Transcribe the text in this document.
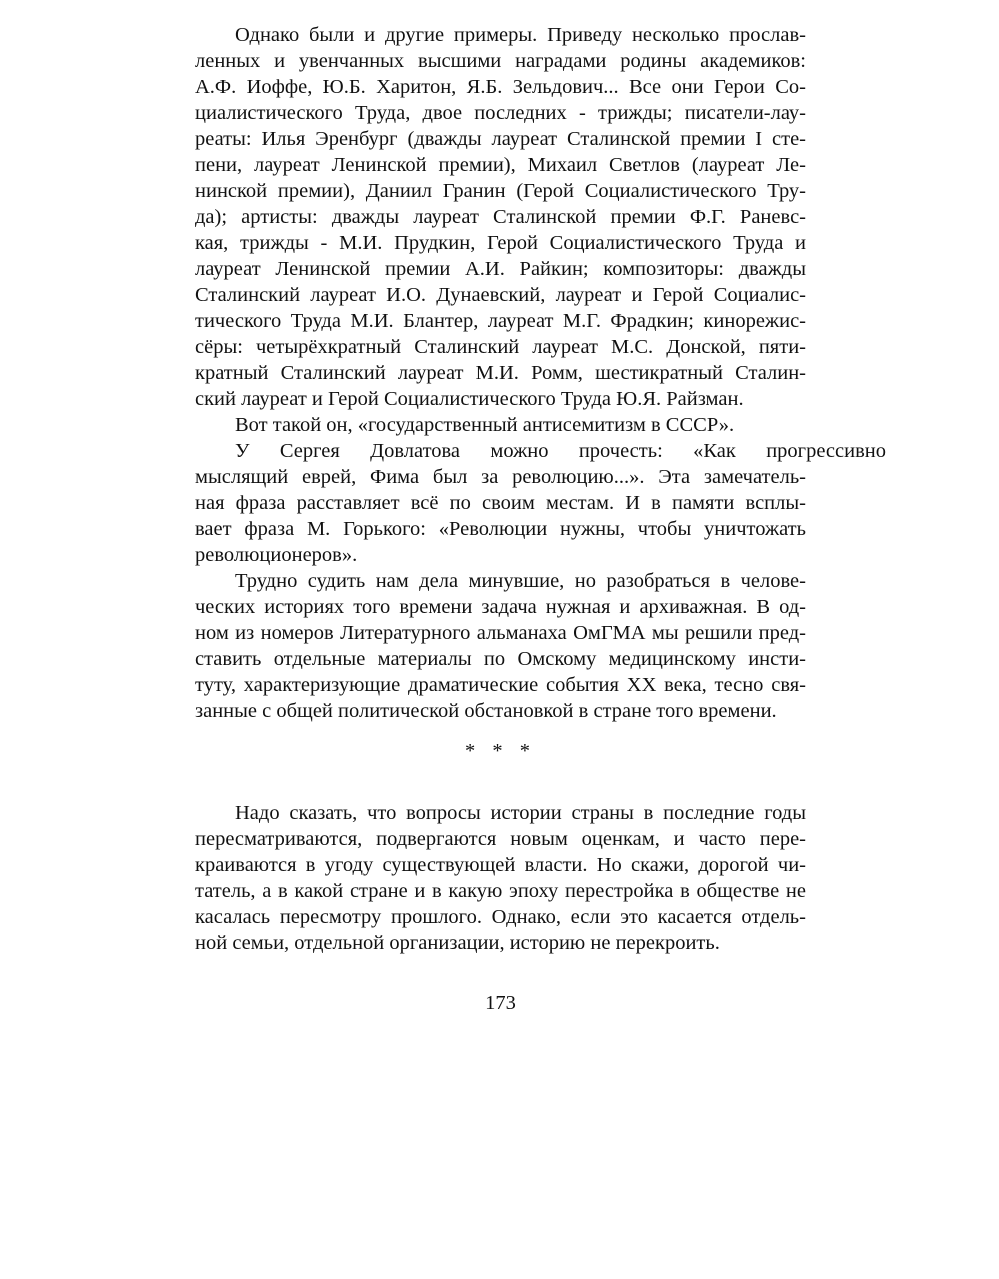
Однако были и другие примеры. Приведу несколько прослав-
ленных и увенчанных высшими наградами родины академиков:
А.Ф. Иоффе, Ю.Б. Харитон, Я.Б. Зельдович... Все они Герои Со-
циалистического Труда, двое последних - трижды; писатели-лау-
реаты: Илья Эренбург (дважды лауреат Сталинской премии I сте-
пени, лауреат Ленинской премии), Михаил Светлов (лауреат Ле-
нинской премии), Даниил Гранин (Герой Социалистического Тру-
да); артисты: дважды лауреат Сталинской премии Ф.Г. Раневс-
кая, трижды - М.И. Прудкин, Герой Социалистического Труда и
лауреат Ленинской премии А.И. Райкин; композиторы: дважды
Сталинский лауреат И.О. Дунаевский, лауреат и Герой Социалис-
тического Труда М.И. Блантер, лауреат М.Г. Фрадкин; кинорежис-
сёры: четырёхкратный Сталинский лауреат М.С. Донской, пяти-
кратный Сталинский лауреат М.И. Ромм, шестикратный Сталин-
ский лауреат и Герой Социалистического Труда Ю.Я. Райзман.
Вот такой он, «государственный антисемитизм в СССР».
У Сергея Довлатова можно прочесть: «Как прогрессивно
мыслящий еврей, Фима был за революцию...». Эта замечатель-
ная фраза расставляет всё по своим местам. И в памяти всплы-
вает фраза М. Горького: «Революции нужны, чтобы уничтожать
революционеров».
Трудно судить нам дела минувшие, но разобраться в челове-
ческих историях того времени задача нужная и архиважная. В од-
ном из номеров Литературного альманаха ОмГМА мы решили пред-
ставить отдельные материалы по Омскому медицинскому инсти-
туту, характеризующие драматические события XX века, тесно свя-
занные с общей политической обстановкой в стране того времени.
* * *
Надо сказать, что вопросы истории страны в последние годы
пересматриваются, подвергаются новым оценкам, и часто пере-
краиваются в угоду существующей власти. Но скажи, дорогой чи-
татель, а в какой стране и в какую эпоху перестройка в обществе не
касалась пересмотру прошлого. Однако, если это касается отдель-
ной семьи, отдельной организации, историю не перекроить.
173
